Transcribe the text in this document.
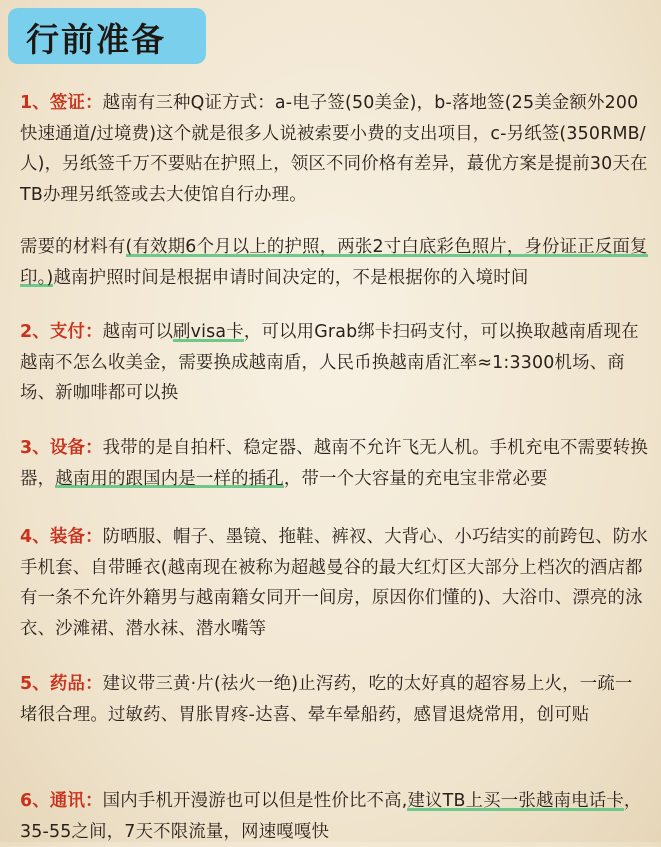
行前准备
1、签证：越南有三种Q证方式：a-电子签(50美金)，b-落地签(25美金额外200快速通道/过境费)这个就是很多人说被索要小费的支出项目，c-另纸签(350RMB/人)，另纸签千万不要贴在护照上，领区不同价格有差异，蕞优方案是提前30天在TB办理另纸签或去大使馆自行办理。
需要的材料有(有效期6个月以上的护照，两张2寸白底彩色照片，身份证正反面复印。)越南护照时间是根据申请时间决定的，不是根据你的入境时间
2、支付：越南可以刷visa卡，可以用Grab绑卡扫码支付，可以换取越南盾现在越南不怎么收美金，需要换成越南盾，人民币换越南盾汇率≈1:3300机场、商场、新咖啡都可以换
3、设备：我带的是自拍杆、稳定器、越南不允许飞无人机。手机充电不需要转换器，越南用的跟国内是一样的插孔，带一个大容量的充电宝非常必要
4、装备：防晒服、帽子、墨镜、拖鞋、裤衩、大背心、小巧结实的前跨包、防水手机套、自带睡衣(越南现在被称为超越曼谷的最大红灯区大部分上档次的酒店都有一条不允许外籍男与越南籍女同开一间房，原因你们懂的)、大浴巾、漂亮的泳衣、沙滩裙、潜水袜、潜水嘴等
5、药品：建议带三黄·片(祛火一绝)止泻药，吃的太好真的超容易上火，一疏一堵很合理。过敏药、胃胀胃疼-达喜、晕车晕船药，感冒退烧常用，创可贴
6、通讯：国内手机开漫游也可以但是性价比不高,建议TB上买一张越南电话卡，35-55之间，7天不限流量，网速嘎嘎快
